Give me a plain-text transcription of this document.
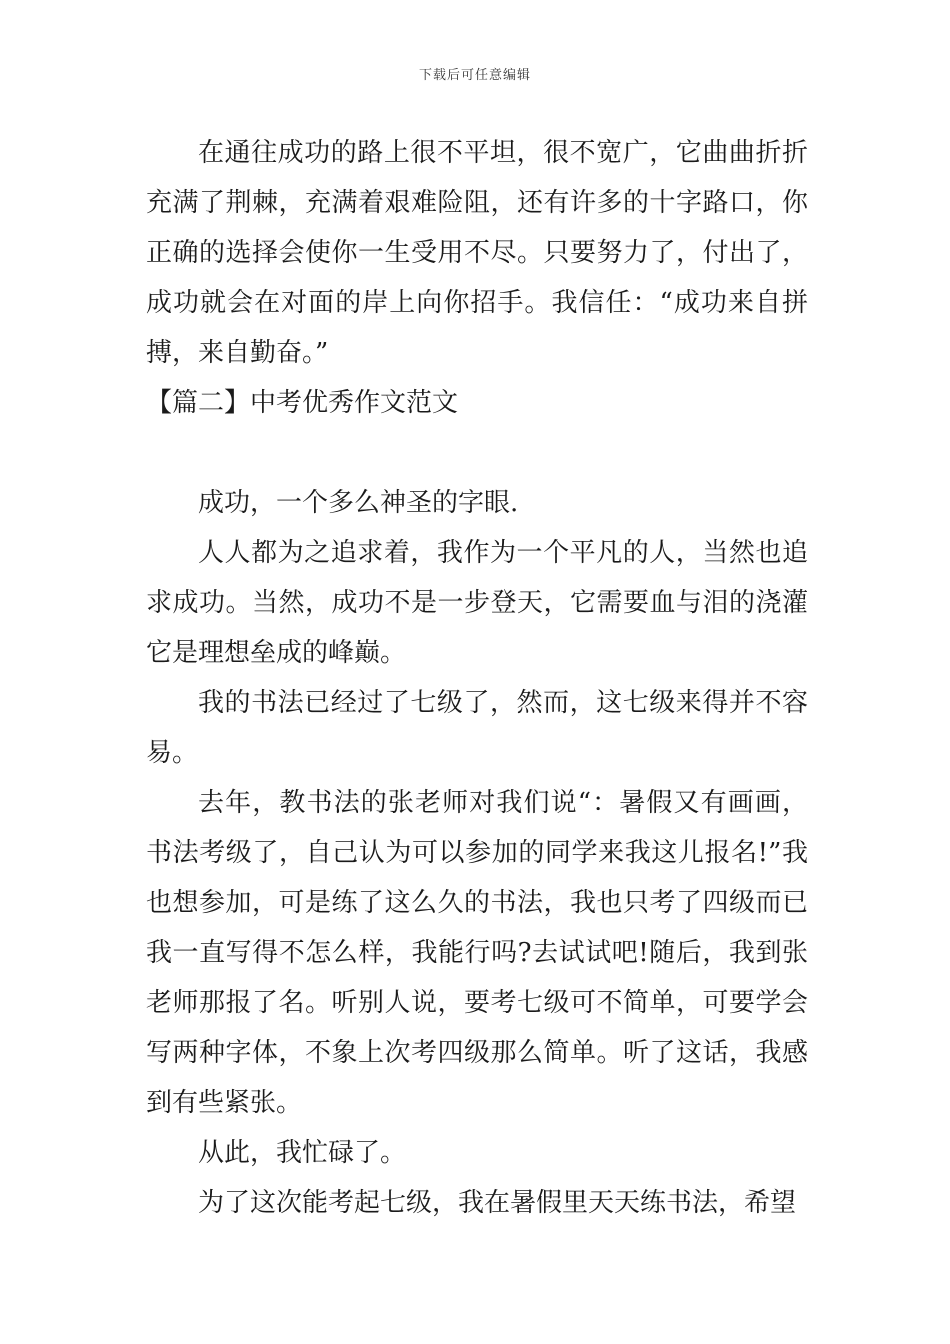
下载后可任意编辑

在通往成功的路上很不平坦，很不宽广，它曲曲折折充满了荆棘，充满着艰难险阻，还有许多的十字路口，你正确的选择会使你一生受用不尽。只要努力了，付出了，成功就会在对面的岸上向你招手。我信任：“成功来自拼搏，来自勤奋。”

【篇二】中考优秀作文范文

成功，一个多么神圣的字眼.

人人都为之追求着，我作为一个平凡的人，当然也追求成功。当然，成功不是一步登天，它需要血与泪的浇灌它是理想垒成的峰巅。

我的书法已经过了七级了，然而，这七级来得并不容易。

去年，教书法的张老师对我们说“：暑假又有画画，书法考级了，自己认为可以参加的同学来我这儿报名!”我也想参加，可是练了这么久的书法，我也只考了四级而已我一直写得不怎么样，我能行吗?去试试吧!随后，我到张老师那报了名。听别人说，要考七级可不简单，可要学会写两种字体，不象上次考四级那么简单。听了这话，我感到有些紧张。

从此，我忙碌了。

为了这次能考起七级，我在暑假里天天练书法，希望
